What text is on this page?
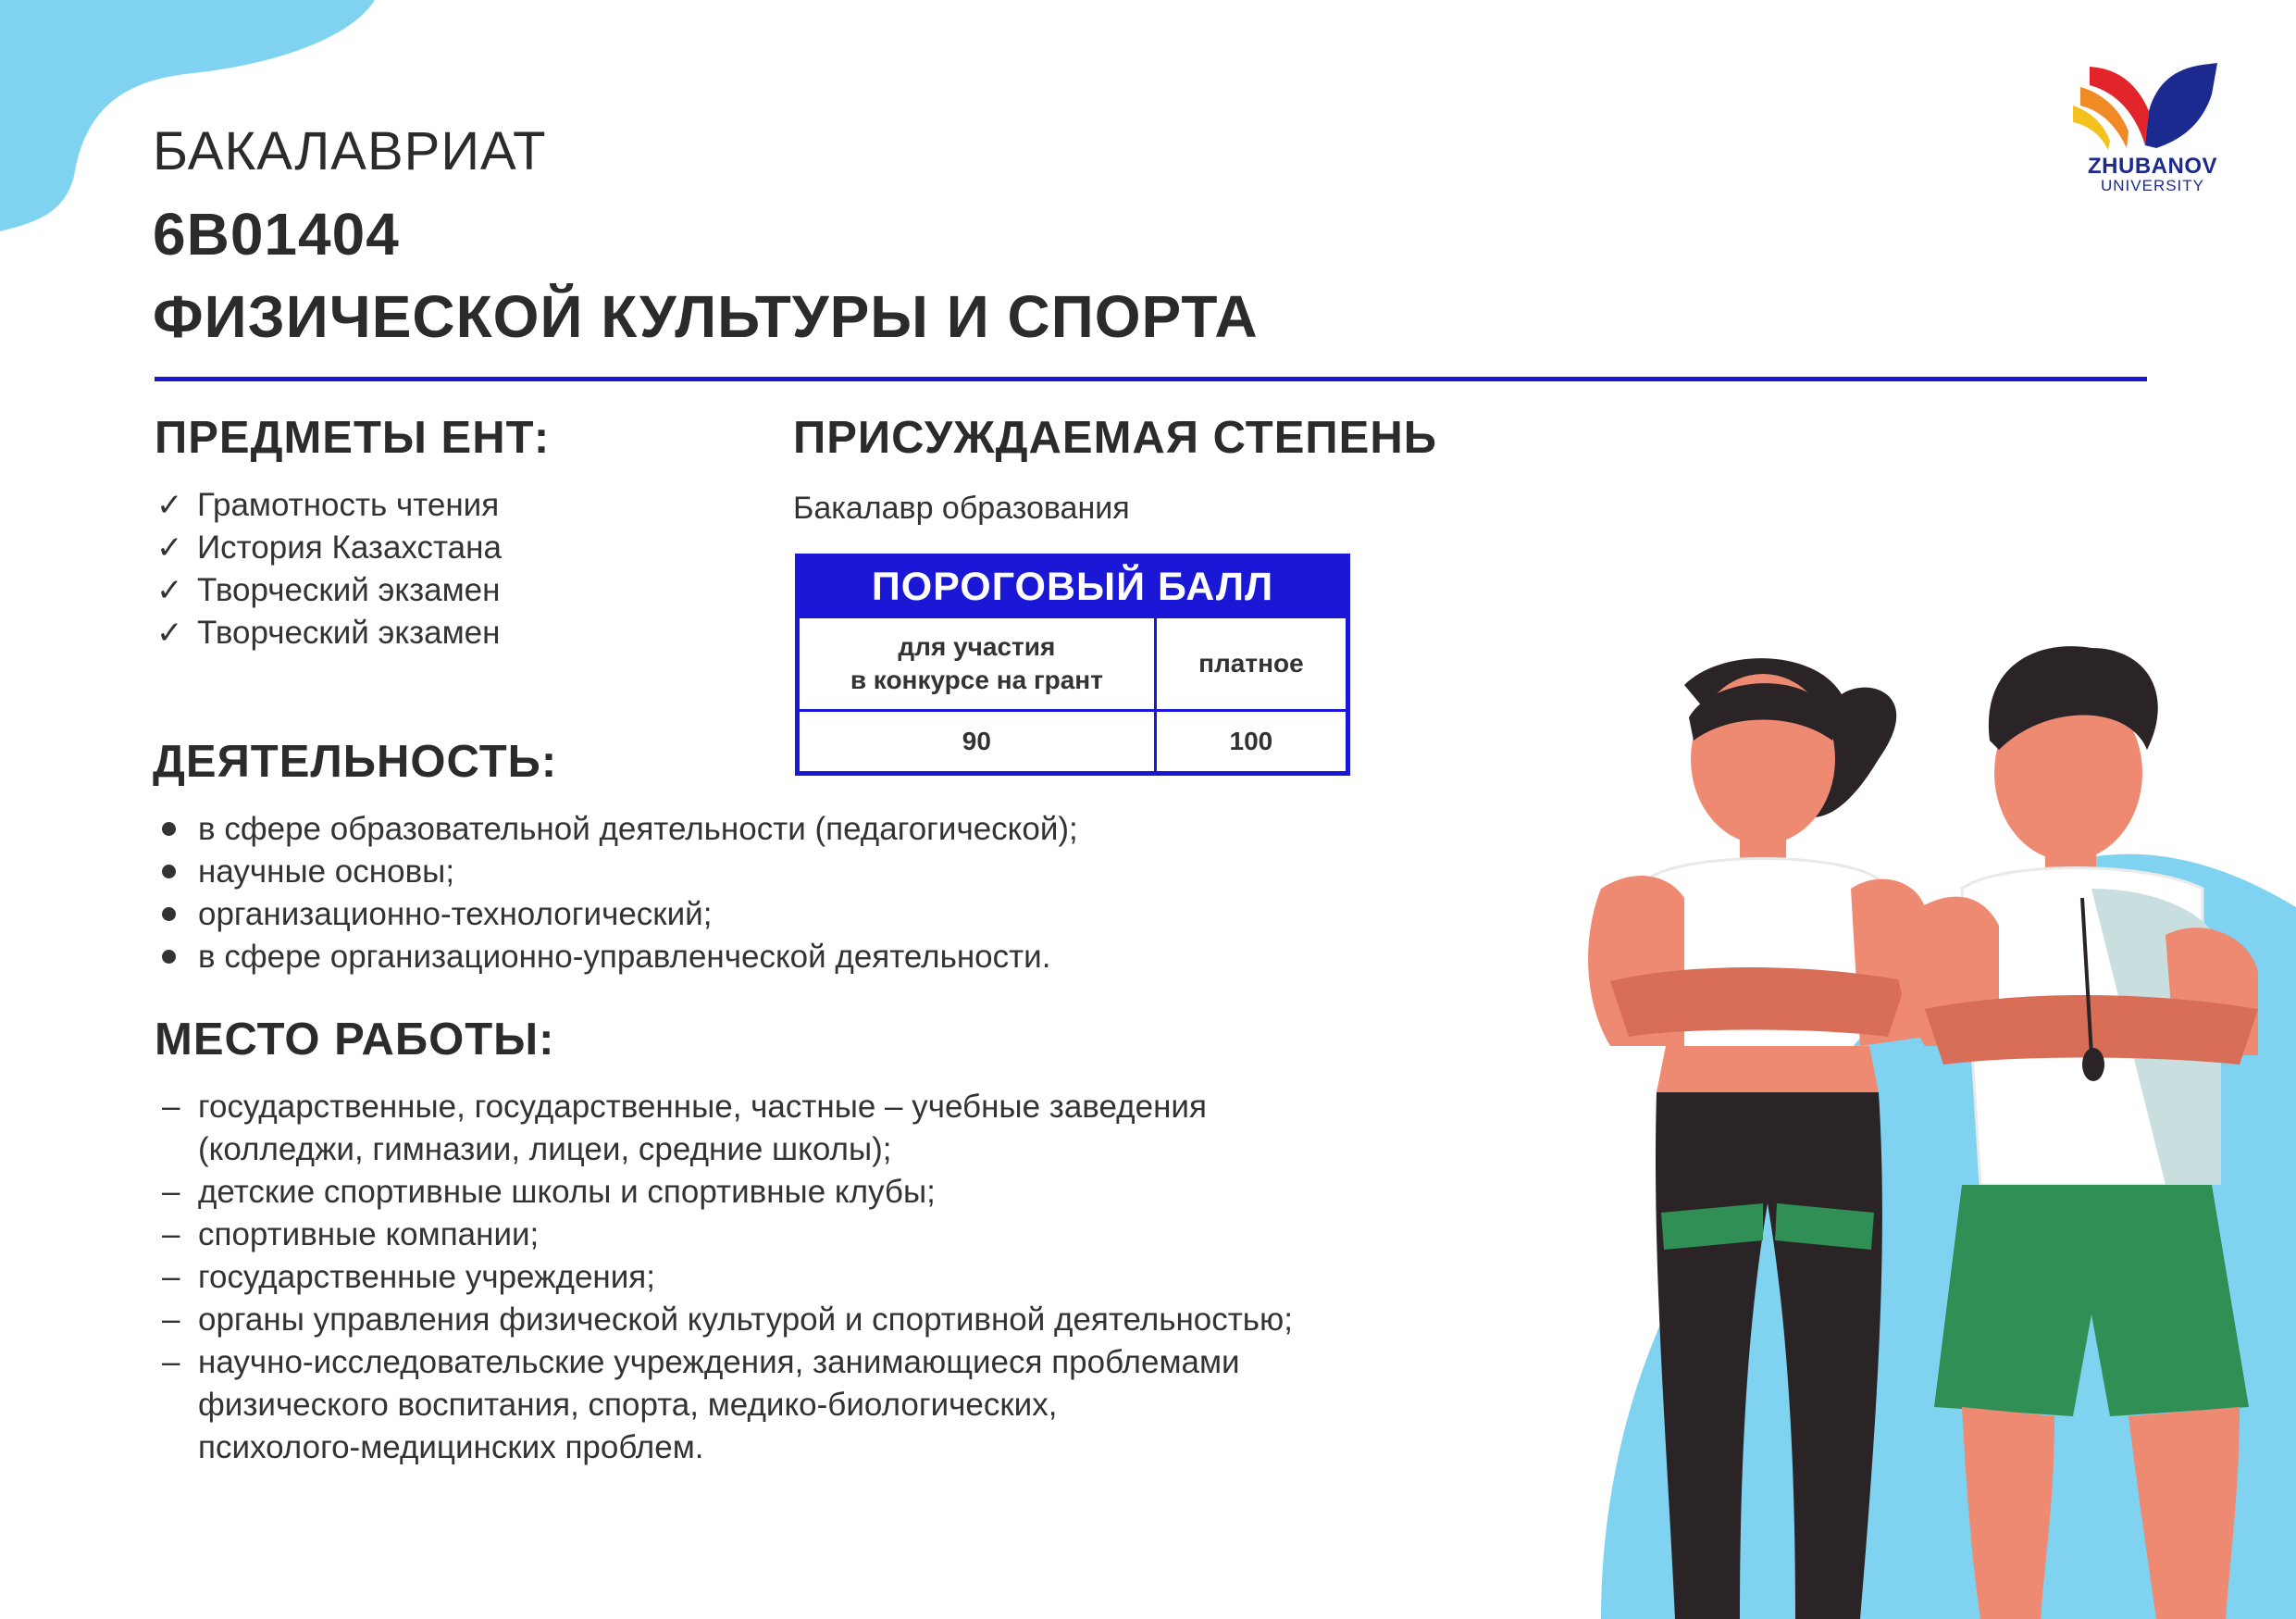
ZHUBANOV
UNIVERSITY
БАКАЛАВРИАТ
6В01404
ФИЗИЧЕСКОЙ КУЛЬТУРЫ И СПОРТА
ПРЕДМЕТЫ ЕНТ:
✓ Грамотность чтения
✓ История Казахстана
✓ Творческий экзамен
✓ Творческий экзамен
ПРИСУЖДАЕМАЯ СТЕПЕНЬ
Бакалавр образования
ПОРОГОВЫЙ БАЛЛ	
для участия
в конкурсе на грант	платное
90	100
ДЕЯТЕЛЬНОСТЬ:
в сфере образовательной деятельности (педагогической);
научные основы;
организационно-технологический;
в сфере организационно-управленческой деятельности.
МЕСТО РАБОТЫ:
– государственные, государственные, частные – учебные заведения
(колледжи, гимназии, лицеи, средние школы);
– детские спортивные школы и спортивные клубы;
– спортивные компании;
– государственные учреждения;
– органы управления физической культурой и спортивной деятельностью;
– научно-исследовательские учреждения, занимающиеся проблемами
физического воспитания, спорта, медико-биологических,
психолого-медицинских проблем.
